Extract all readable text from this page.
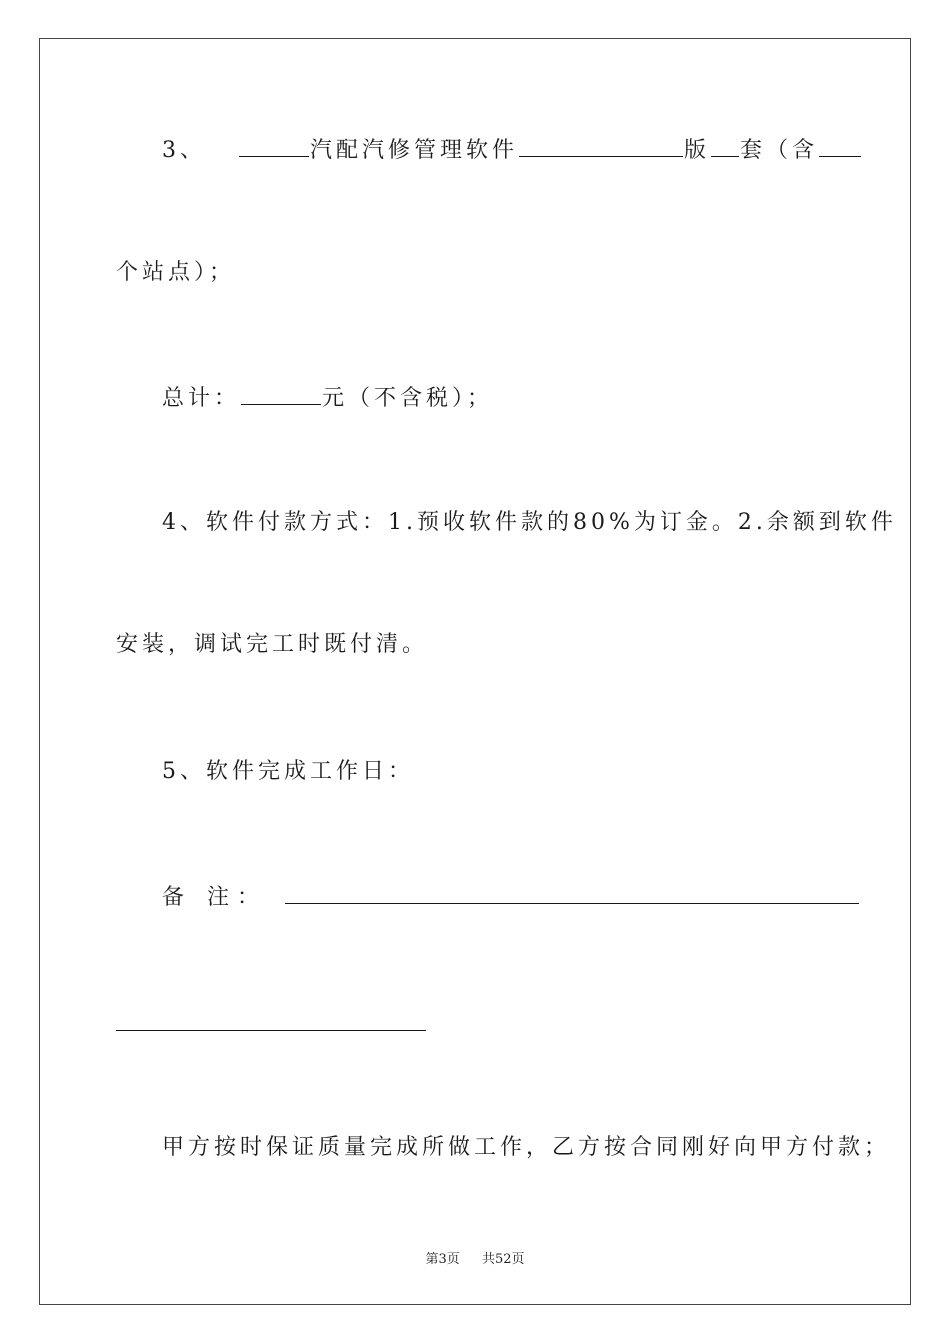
3、	汽配汽修管理软件	版 套（含
个站点）；
总计：	元（不含税）；
4、软件付款方式：1.预收软件款的80%为订金。2.余额到软件
安装，调试完工时既付清。
5、软件完成工作日：
备 注：
甲方按时保证质量完成所做工作，乙方按合同刚好向甲方付款；
第3页 共52页
